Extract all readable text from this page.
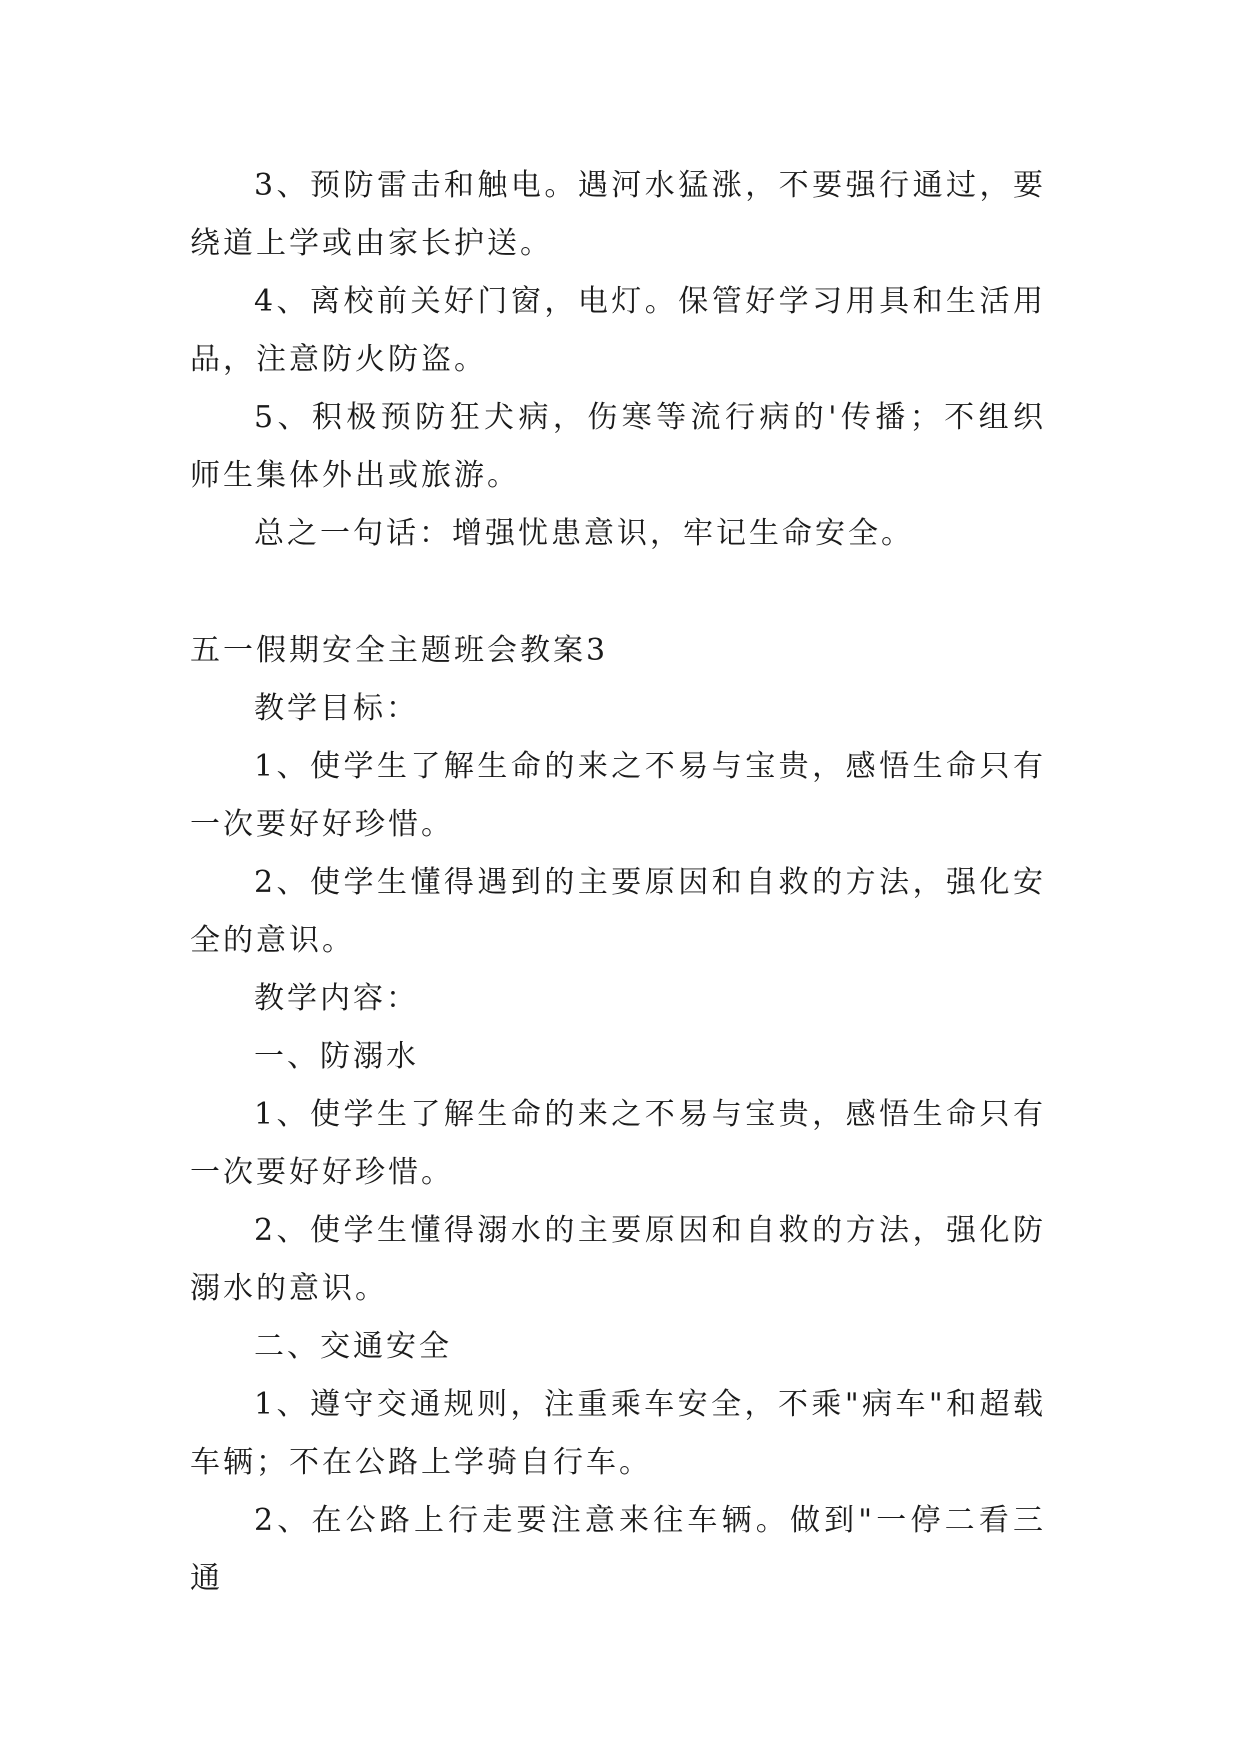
3、预防雷击和触电。遇河水猛涨，不要强行通过，要绕道上学或由家长护送。

4、离校前关好门窗，电灯。保管好学习用具和生活用品，注意防火防盗。

5、积极预防狂犬病，伤寒等流行病的'传播；不组织师生集体外出或旅游。

总之一句话：增强忧患意识，牢记生命安全。

五一假期安全主题班会教案3

教学目标：

1、使学生了解生命的来之不易与宝贵，感悟生命只有一次要好好珍惜。

2、使学生懂得遇到的主要原因和自救的方法，强化安全的意识。

教学内容：

一、防溺水

1、使学生了解生命的来之不易与宝贵，感悟生命只有一次要好好珍惜。

2、使学生懂得溺水的主要原因和自救的方法，强化防溺水的意识。

二、交通安全

1、遵守交通规则，注重乘车安全，不乘"病车"和超载车辆；不在公路上学骑自行车。

2、在公路上行走要注意来往车辆。做到"一停二看三通
